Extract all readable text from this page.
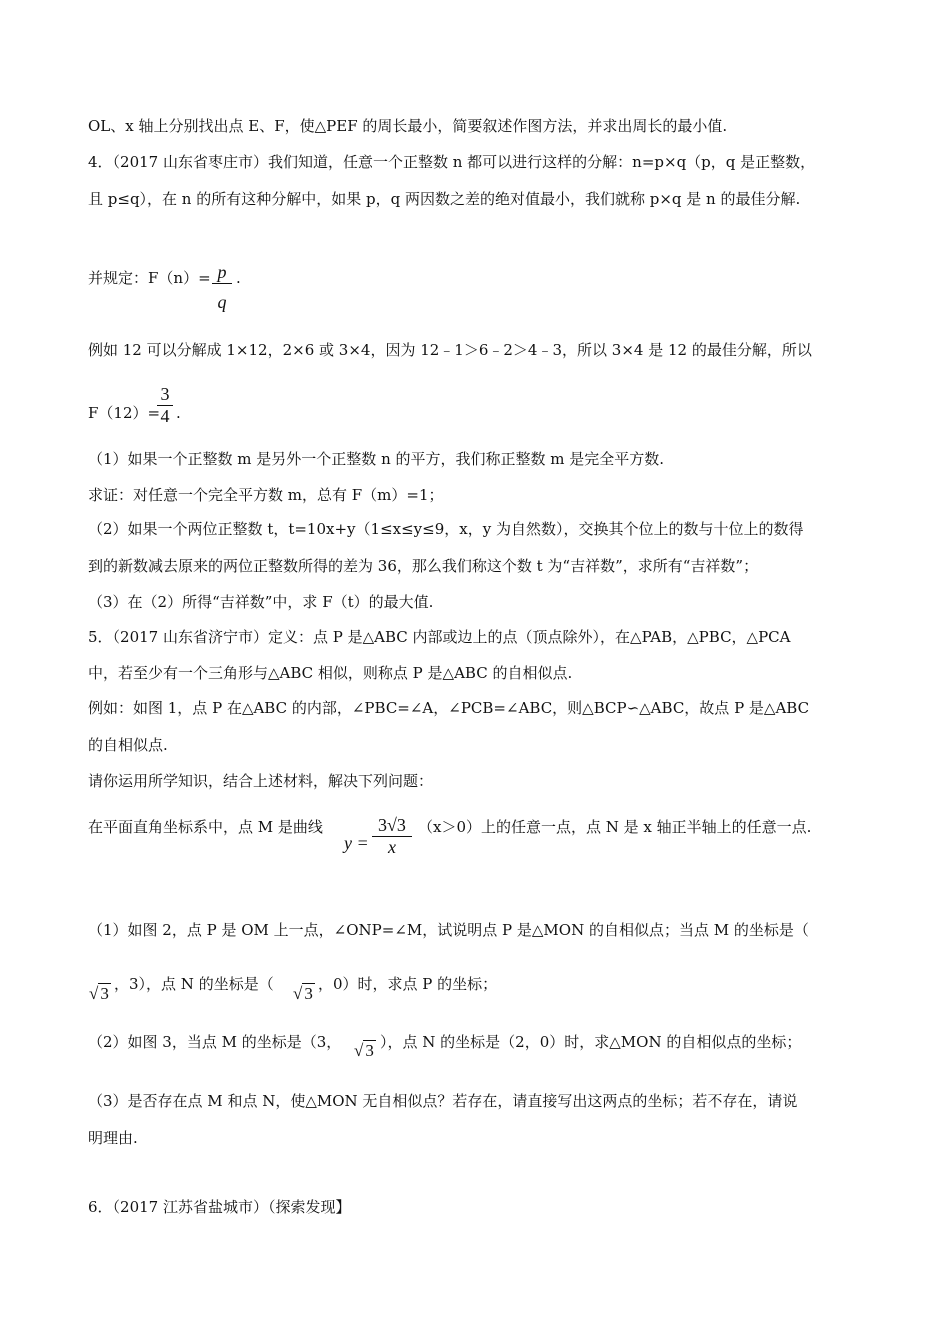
OL、x 轴上分别找出点 E、F，使△PEF 的周长最小，简要叙述作图方法，并求出周长的最小值.
4．（2017 山东省枣庄市）我们知道，任意一个正整数 n 都可以进行这样的分解：n=p×q（p，q 是正整数，
且 p≤q），在 n 的所有这种分解中，如果 p，q 两因数之差的绝对值最小，我们就称 p×q 是 n 的最佳分解.
并规定：F（n）= p
q
.
例如 12 可以分解成 1×12，2×6 或 3×4，因为 12﹣1＞6﹣2＞4﹣3，所以 3×4 是 12 的最佳分解，所以
F（12）=
3
4 .
（1）如果一个正整数 m 是另外一个正整数 n 的平方，我们称正整数 m 是完全平方数.
求证：对任意一个完全平方数 m，总有 F（m）=1；
（2）如果一个两位正整数 t，t=10x+y（1≤x≤y≤9，x，y 为自然数），交换其个位上的数与十位上的数得
到的新数减去原来的两位正整数所得的差为 36，那么我们称这个数 t 为“吉祥数”，求所有“吉祥数”；
（3）在（2）所得“吉祥数”中，求 F（t）的最大值.
5．（2017 山东省济宁市）定义：点 P 是△ABC 内部或边上的点（顶点除外），在△PAB，△PBC，△PCA
中，若至少有一个三角形与△ABC 相似，则称点 P 是△ABC 的自相似点.
例如：如图 1，点 P 在△ABC 的内部，∠PBC=∠A，∠PCB=∠ABC，则△BCP∽△ABC，故点 P 是△ABC
的自相似点.
请你运用所学知识，结合上述材料，解决下列问题：
在平面直角坐标系中，点 M 是曲线
y =
3√3
x
（x＞0）上的任意一点，点 N 是 x 轴正半轴上的任意一点.
（1）如图 2，点 P 是 OM 上一点，∠ONP=∠M，试说明点 P 是△MON 的自相似点；当点 M 的坐标是（
√ 3 ，3），点 N 的坐标是（ √ 3 ，0）时，求点 P 的坐标；
（2）如图 3，当点 M 的坐标是（3， √ 3 ），点 N 的坐标是（2，0）时，求△MON 的自相似点的坐标；
（3）是否存在点 M 和点 N，使△MON 无自相似点？若存在，请直接写出这两点的坐标；若不存在，请说
明理由.
6．（2017 江苏省盐城市）（探索发现】
